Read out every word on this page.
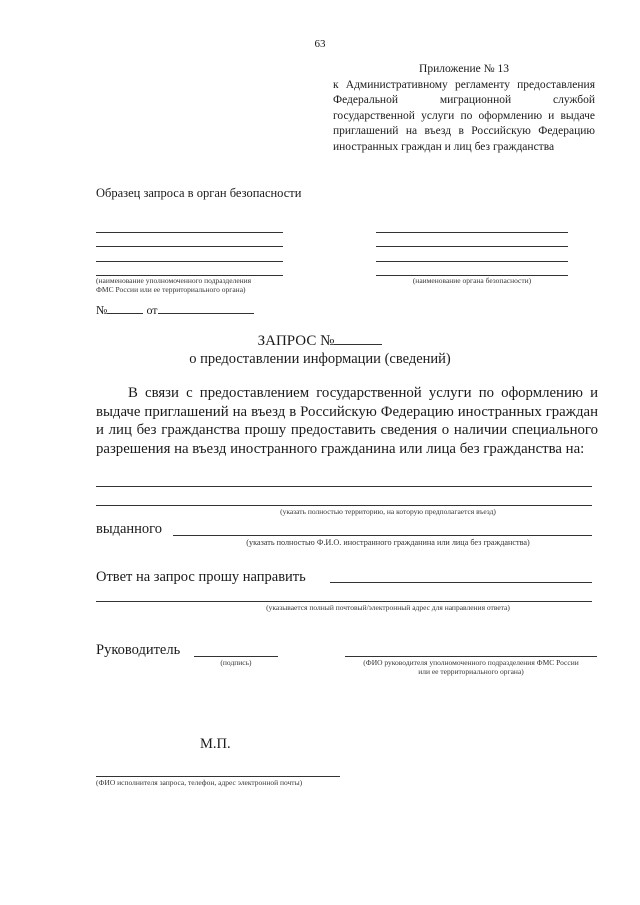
63
Приложение № 13
к Административному регламенту предоставления Федеральной миграционной службой государственной услуги по оформлению и выдаче приглашений на въезд в Российскую Федерацию иностранных граждан и лиц без гражданства
Образец запроса в орган безопасности
(наименование уполномоченного подразделения
ФМС России или ее территориального органа)
(наименование органа безопасности)
№	от
ЗАПРОС №
о предоставлении информации (сведений)
В связи с предоставлением государственной услуги по оформлению и выдаче приглашений на въезд в Российскую Федерацию иностранных граждан и лиц без гражданства прошу предоставить сведения о наличии специального разрешения на въезд иностранного гражданина или лица без гражданства на:
(указать полностью территорию, на которую предполагается въезд)
выданного
(указать полностью Ф.И.О. иностранного гражданина или лица без гражданства)
Ответ на запрос прошу направить
(указывается полный почтовый/электронный адрес для направления ответа)
Руководитель
(подпись)	(ФИО руководителя уполномоченного подразделения ФМС России
или ее территориального органа)
М.П.
(ФИО исполнителя запроса, телефон, адрес электронной почты)
